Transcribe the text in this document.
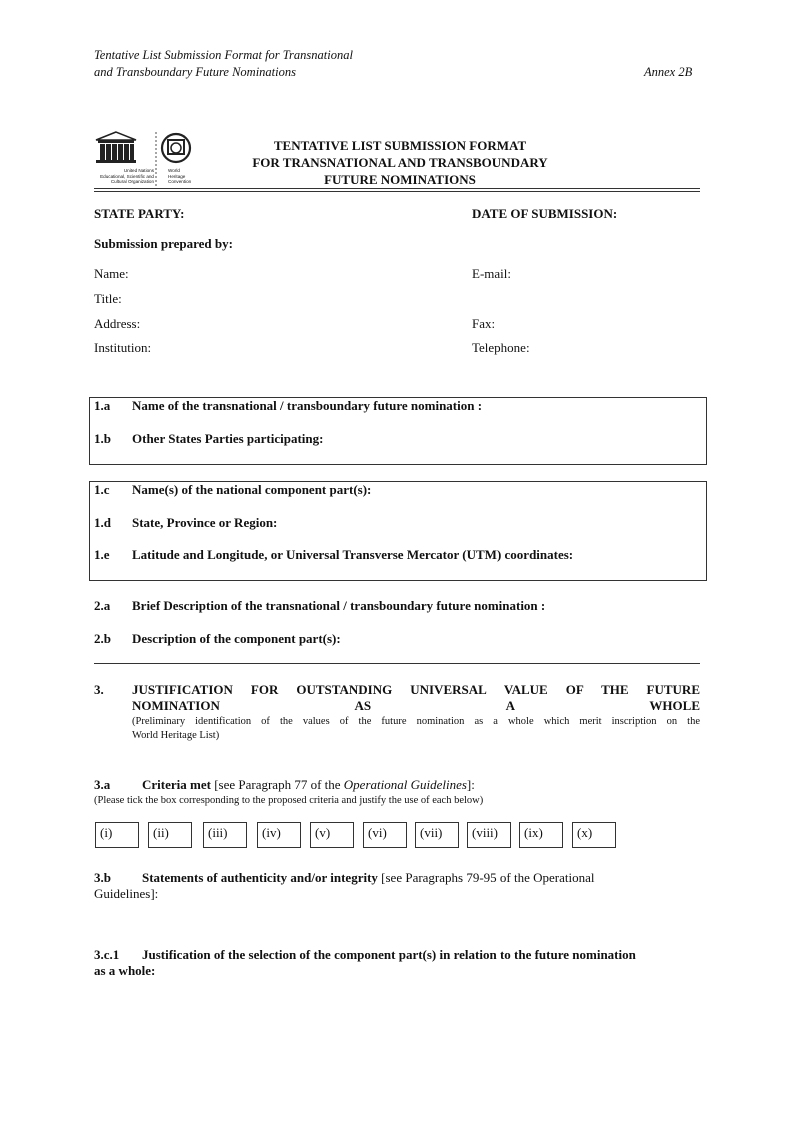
Tentative List Submission Format for Transnational
and Transboundary Future Nominations	Annex 2B
United Nations
Educational, Scientific and
Cultural Organization
World
Heritage
Convention
TENTATIVE LIST SUBMISSION FORMAT
FOR TRANSNATIONAL AND TRANSBOUNDARY
FUTURE NOMINATIONS
STATE PARTY:	DATE OF SUBMISSION:
Submission prepared by:
Name:	E-mail:
Title:
Address:	Fax:
Institution:	Telephone:
1.a Name of the transnational / transboundary future nomination :
1.b Other States Parties participating:
1.c Name(s) of the national component part(s):
1.d State, Province or Region:
1.e Latitude and Longitude, or Universal Transverse Mercator (UTM) coordinates:
2.a Brief Description of the transnational / transboundary future nomination :
2.b Description of the component part(s):
3. JUSTIFICATION FOR OUTSTANDING UNIVERSAL VALUE OF THE FUTURE
NOMINATION AS A WHOLE
(Preliminary identification of the values of the future nomination as a whole which merit inscription on the
World Heritage List)
3.a Criteria met [see Paragraph 77 of the Operational Guidelines]:
(Please tick the box corresponding to the proposed criteria and justify the use of each below)
(i)	(ii)	(iii)	(iv)	(v)	(vi)	(vii)	(viii)	(ix)	(x)
3.b Statements of authenticity and/or integrity [see Paragraphs 79-95 of the Operational
Guidelines]:
3.c.1 Justification of the selection of the component part(s) in relation to the future nomination
as a whole:
